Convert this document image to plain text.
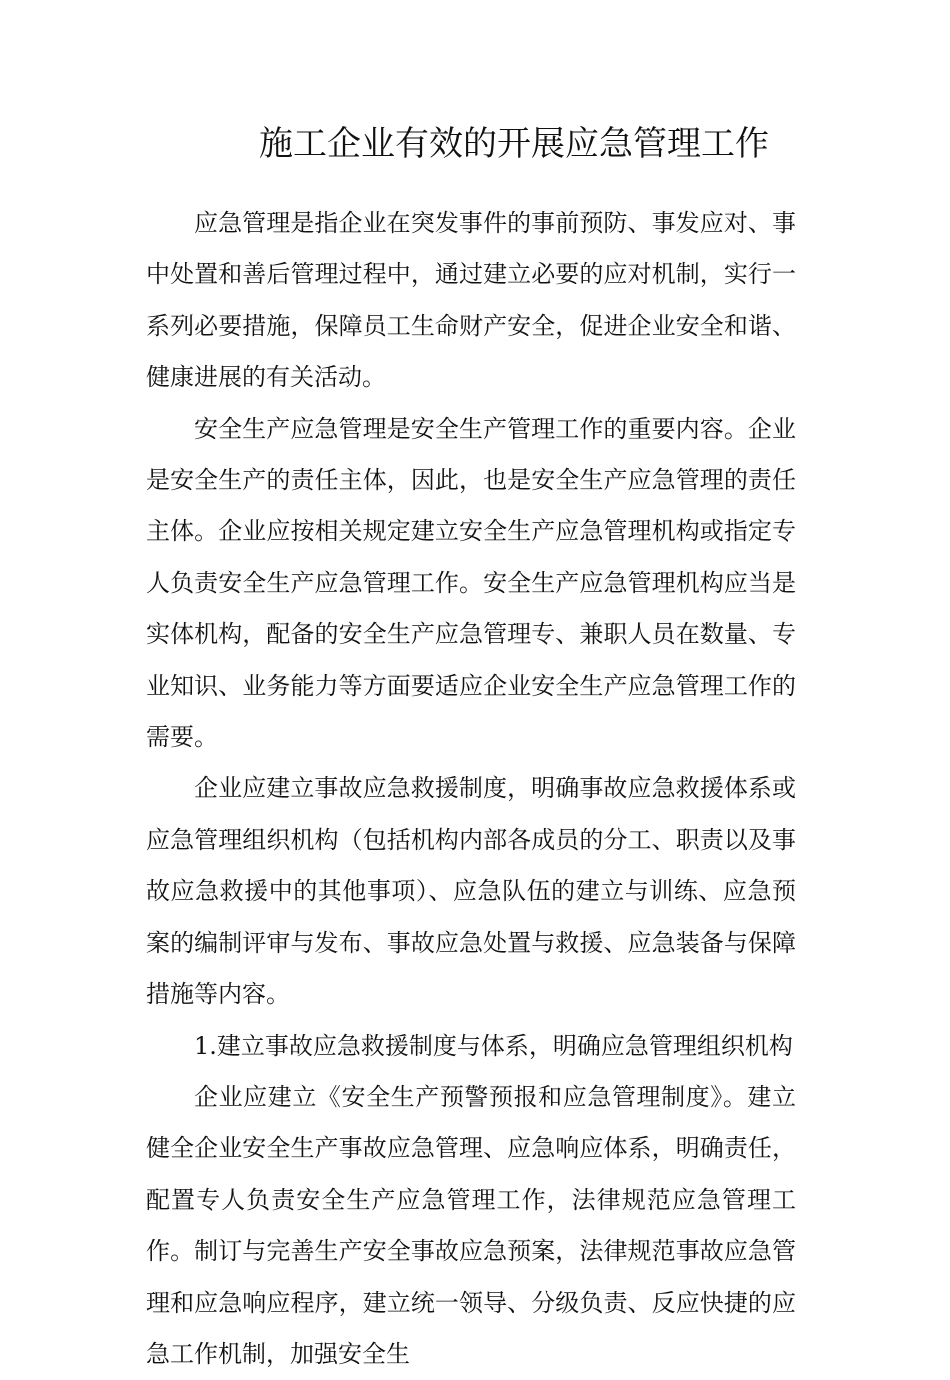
施工企业有效的开展应急管理工作

应急管理是指企业在突发事件的事前预防、事发应对、事中处置和善后管理过程中，通过建立必要的应对机制，实行一系列必要措施，保障员工生命财产安全，促进企业安全和谐、健康进展的有关活动。

安全生产应急管理是安全生产管理工作的重要内容。企业是安全生产的责任主体，因此，也是安全生产应急管理的责任主体。企业应按相关规定建立安全生产应急管理机构或指定专人负责安全生产应急管理工作。安全生产应急管理机构应当是实体机构，配备的安全生产应急管理专、兼职人员在数量、专业知识、业务能力等方面要适应企业安全生产应急管理工作的需要。

企业应建立事故应急救援制度，明确事故应急救援体系或应急管理组织机构（包括机构内部各成员的分工、职责以及事故应急救援中的其他事项）、应急队伍的建立与训练、应急预案的编制评审与发布、事故应急处置与救援、应急装备与保障措施等内容。

1.建立事故应急救援制度与体系，明确应急管理组织机构

企业应建立《安全生产预警预报和应急管理制度》。建立健全企业安全生产事故应急管理、应急响应体系，明确责任，配置专人负责安全生产应急管理工作，法律规范应急管理工作。制订与完善生产安全事故应急预案，法律规范事故应急管理和应急响应程序，建立统一领导、分级负责、反应快捷的应急工作机制，加强安全生
